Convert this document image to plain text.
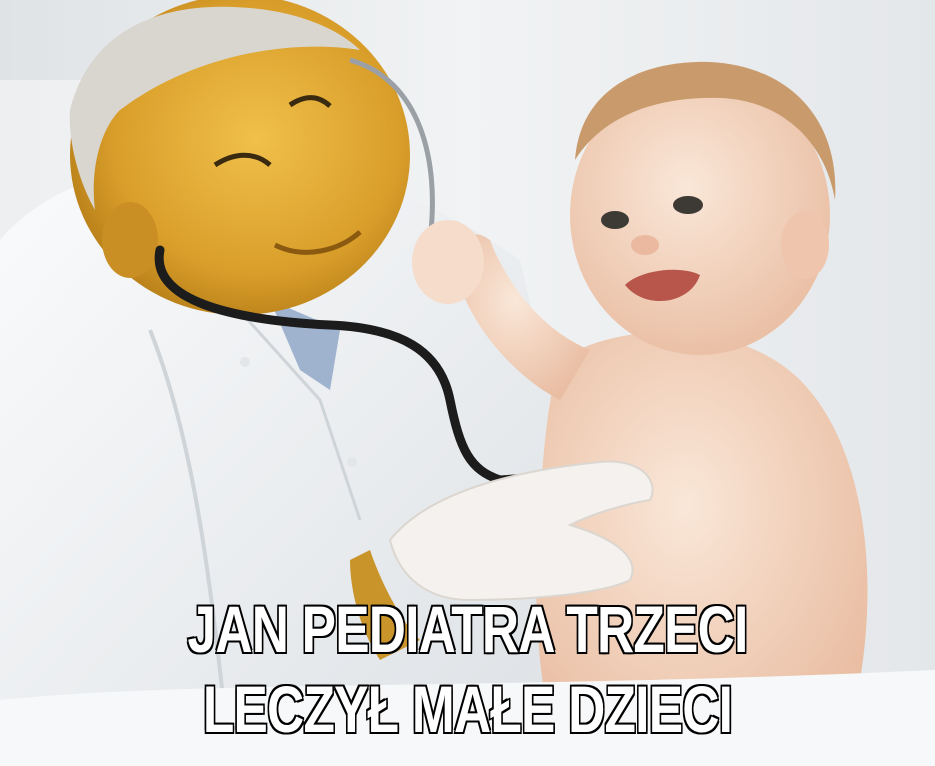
JAN PEDIATRA TRZECI
LECZYŁ MAŁE DZIECI
